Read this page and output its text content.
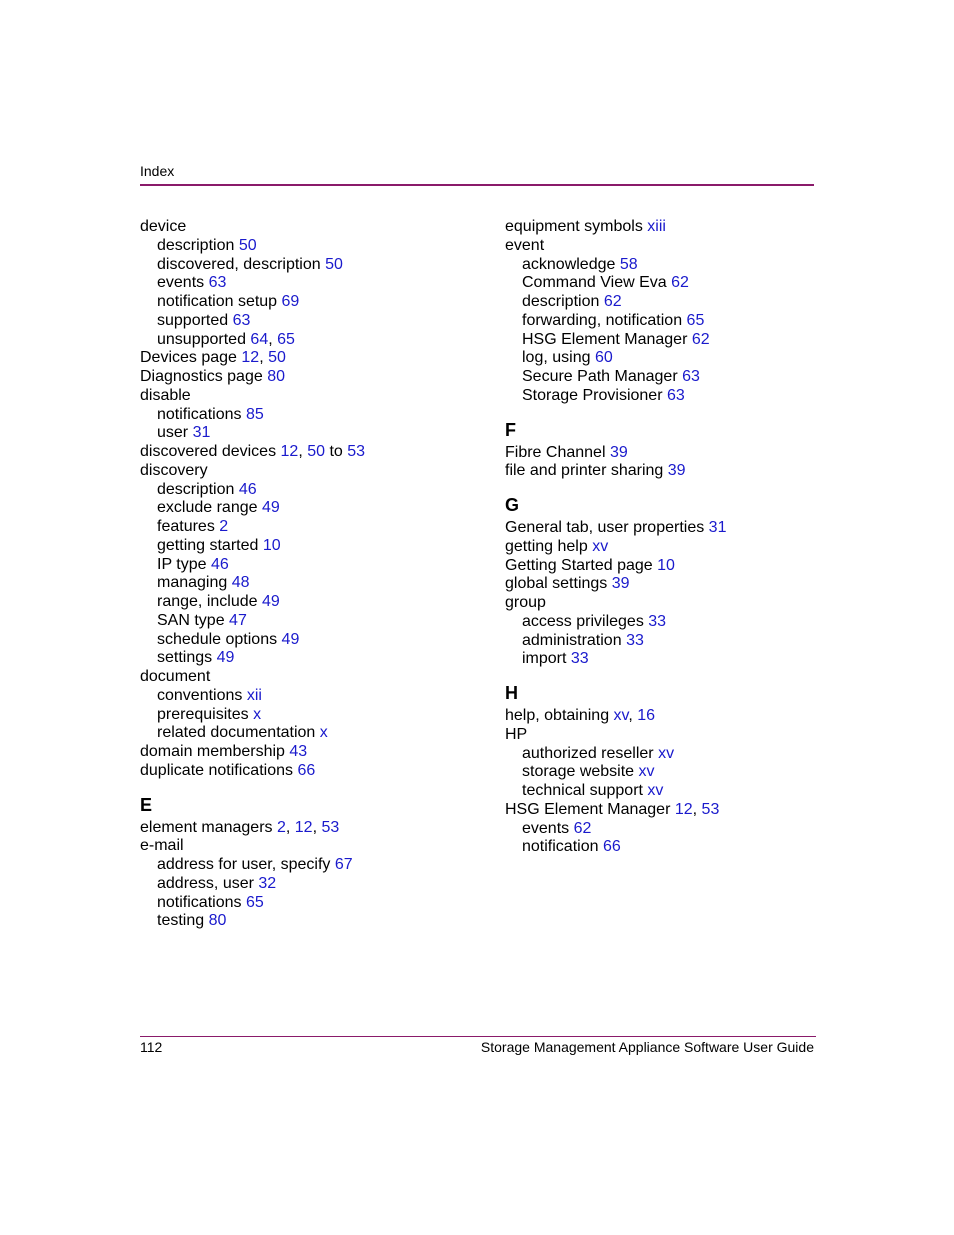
Index
device
description 50
discovered, description 50
events 63
notification setup 69
supported 63
unsupported 64, 65
Devices page 12, 50
Diagnostics page 80
disable
notifications 85
user 31
discovered devices 12, 50 to 53
discovery
description 46
exclude range 49
features 2
getting started 10
IP type 46
managing 48
range, include 49
SAN type 47
schedule options 49
settings 49
document
conventions xii
prerequisites x
related documentation x
domain membership 43
duplicate notifications 66
E
element managers 2, 12, 53
e-mail
address for user, specify 67
address, user 32
notifications 65
testing 80
equipment symbols xiii
event
acknowledge 58
Command View Eva 62
description 62
forwarding, notification 65
HSG Element Manager 62
log, using 60
Secure Path Manager 63
Storage Provisioner 63
F
Fibre Channel 39
file and printer sharing 39
G
General tab, user properties 31
getting help xv
Getting Started page 10
global settings 39
group
access privileges 33
administration 33
import 33
H
help, obtaining xv, 16
HP
authorized reseller xv
storage website xv
technical support xv
HSG Element Manager 12, 53
events 62
notification 66
112	Storage Management Appliance Software User Guide
